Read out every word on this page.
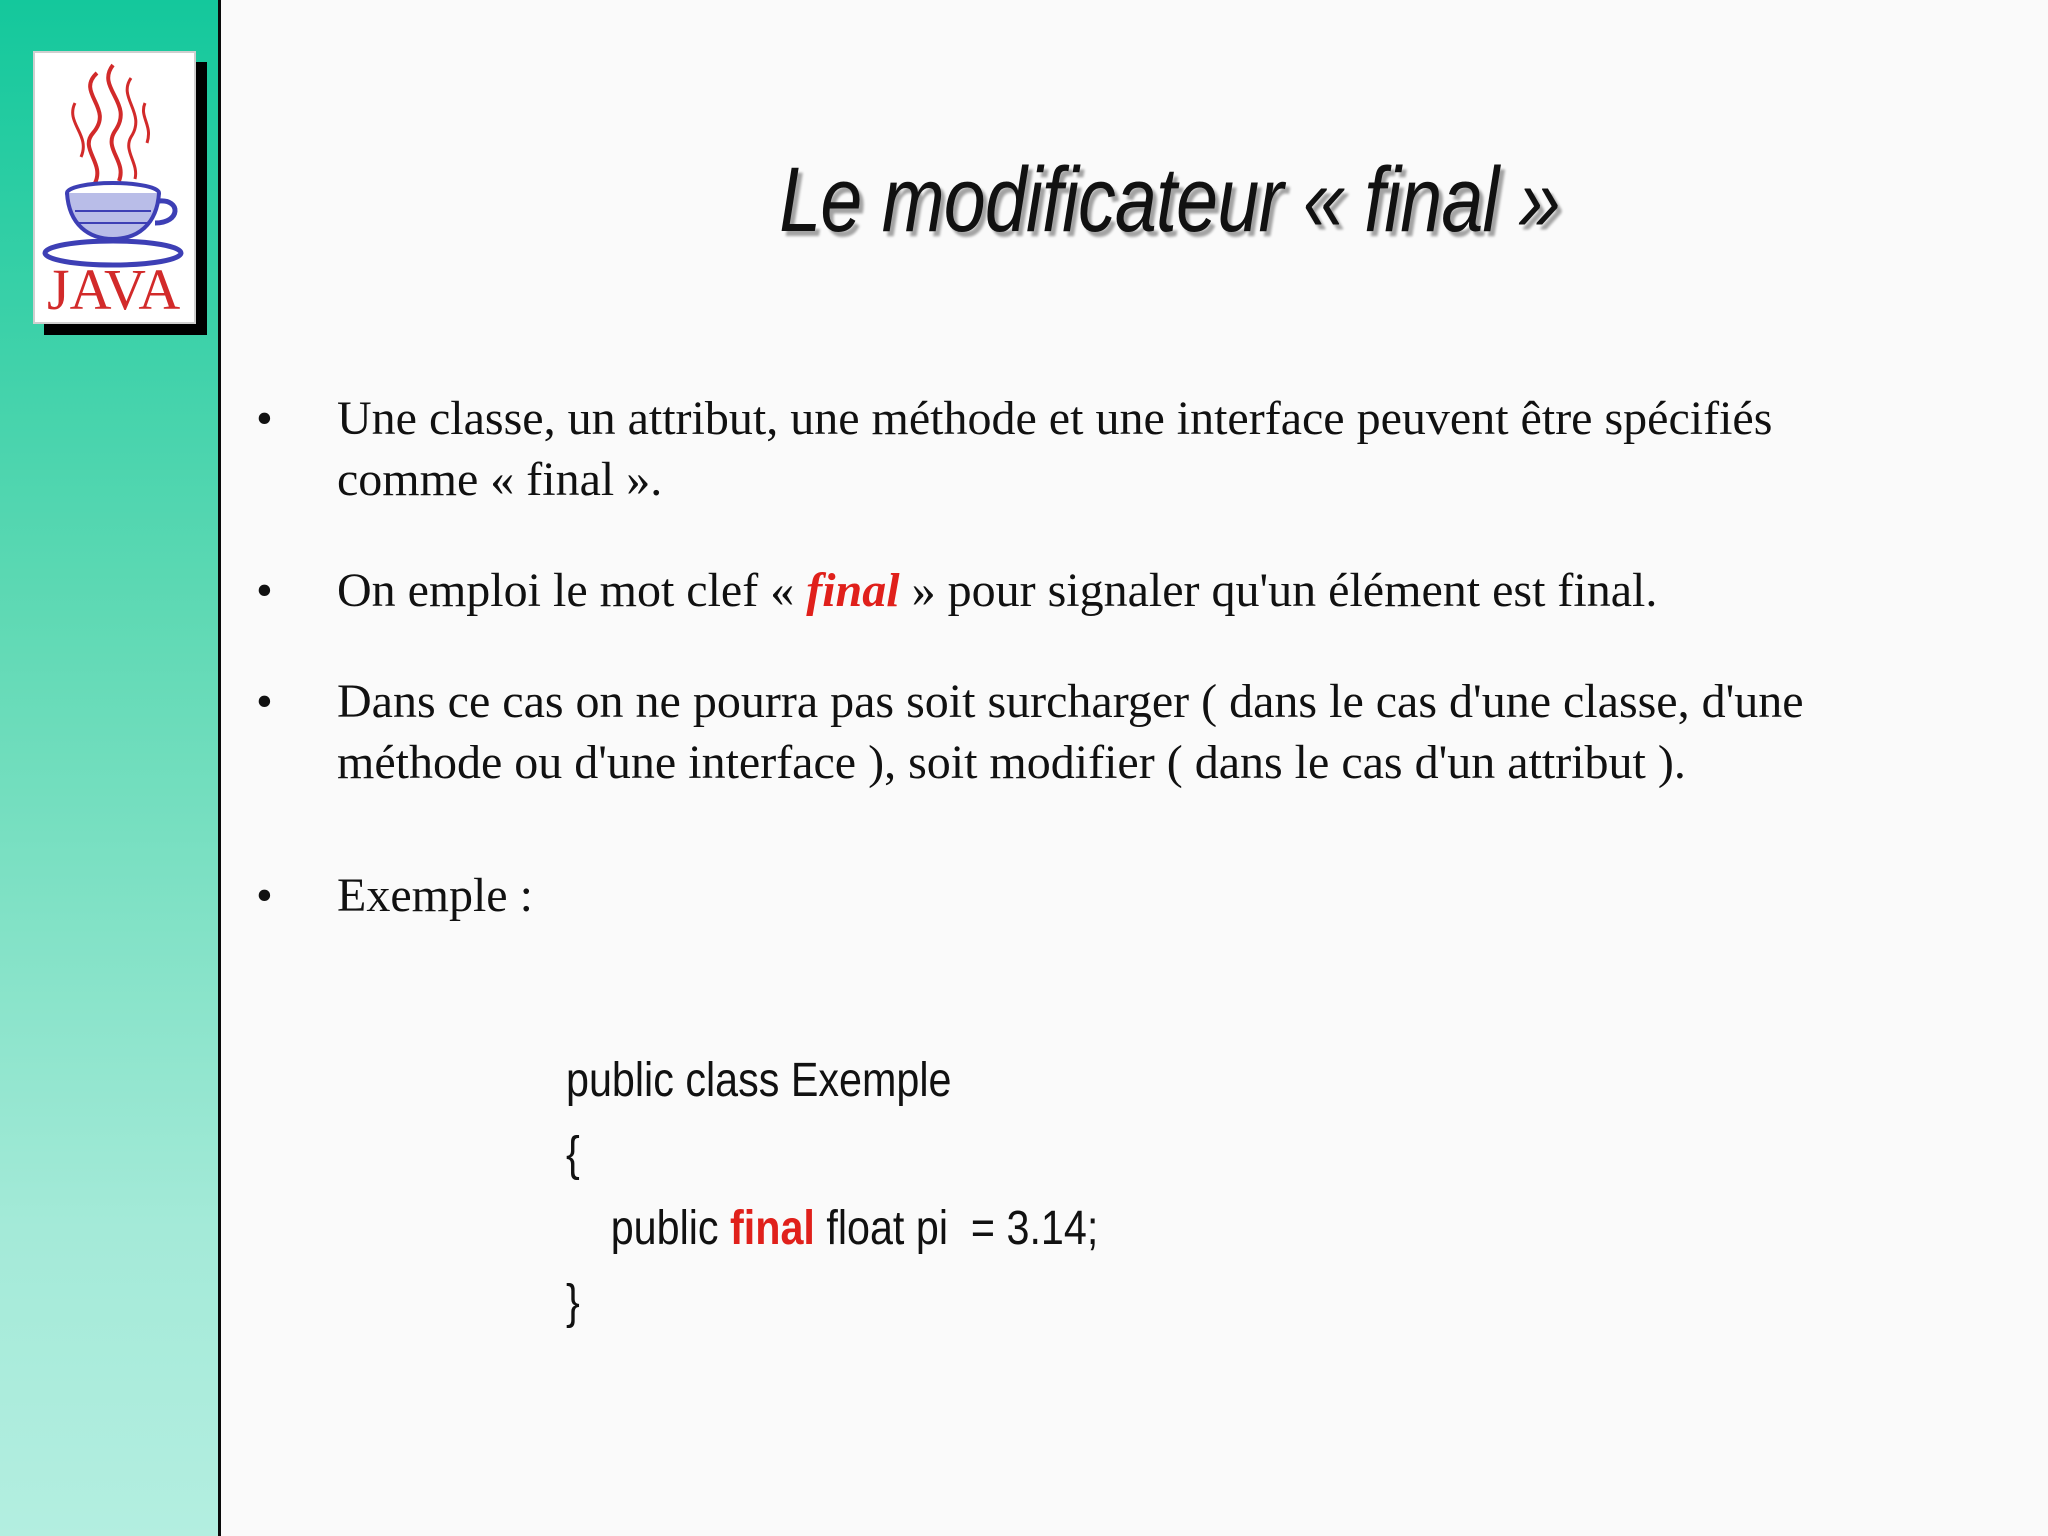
JAVA
Le modificateur « final »
• Une classe, un attribut, une méthode et une interface peuvent être spécifiés comme « final ».
• On emploi le mot clef « final » pour signaler qu'un élément est final.
• Dans ce cas on ne pourra pas soit surcharger ( dans le cas d'une classe, d'une méthode ou d'une interface ), soit modifier ( dans le cas d'un attribut ).
• Exemple :
public class Exemple
{
public final float pi  = 3.14;
}
